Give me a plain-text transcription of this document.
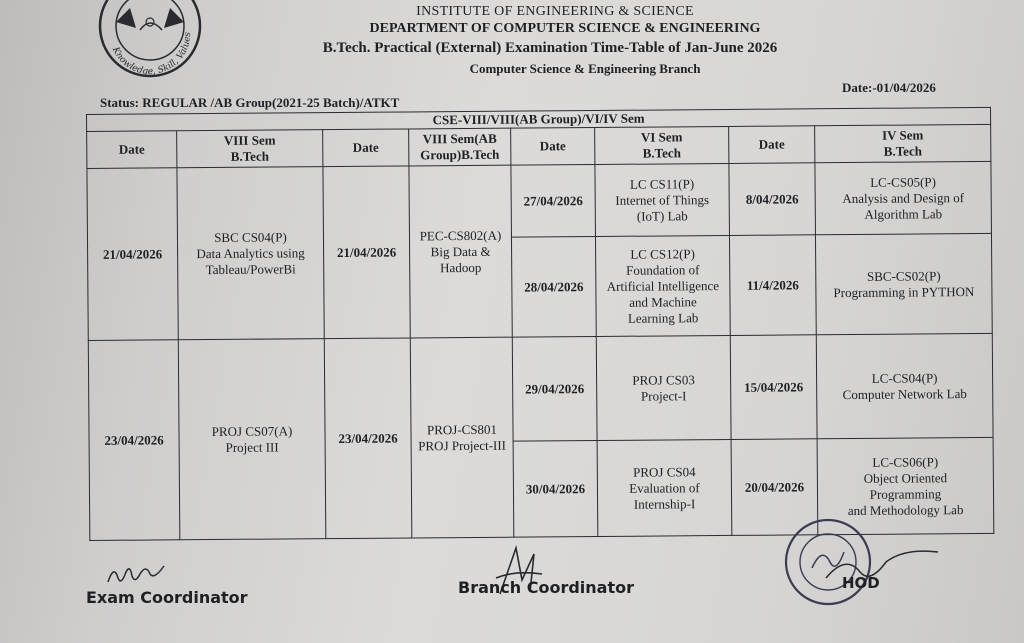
Knowledge, Skill, Values
INSTITUTE OF ENGINEERING & SCIENCE
DEPARTMENT OF COMPUTER SCIENCE & ENGINEERING
B.Tech. Practical (External) Examination Time-Table of Jan-June 2026
Computer Science & Engineering Branch
Date:-01/04/2026
Status: REGULAR /AB Group(2021-25 Batch)/ATKT
CSE-VIII/VIII(AB Group)/VI/IV Sem							
Date	VIII Sem
B.Tech	Date	VIII Sem(AB
Group)B.Tech	Date	VI Sem
B.Tech	Date	IV Sem
B.Tech
21/04/2026	SBC CS04(P)
Data Analytics using
Tableau/PowerBi	21/04/2026	PEC-CS802(A)
Big Data &
Hadoop	27/04/2026	LC CS11(P)
Internet of Things
(IoT) Lab	8/04/2026	LC-CS05(P)
Analysis and Design of
Algorithm Lab
				28/04/2026	LC CS12(P)
Foundation of
Artificial Intelligence
and Machine
Learning Lab	11/4/2026	SBC-CS02(P)
Programming in PYTHON
23/04/2026	PROJ CS07(A)
Project III	23/04/2026	PROJ-CS801
PROJ Project-III	29/04/2026	PROJ CS03
Project-I	15/04/2026	LC-CS04(P)
Computer Network Lab
				30/04/2026	PROJ CS04
Evaluation of
Internship-I	20/04/2026	LC-CS06(P)
Object Oriented
Programming
and Methodology Lab
Exam Coordinator
Branch Coordinator	HOD
